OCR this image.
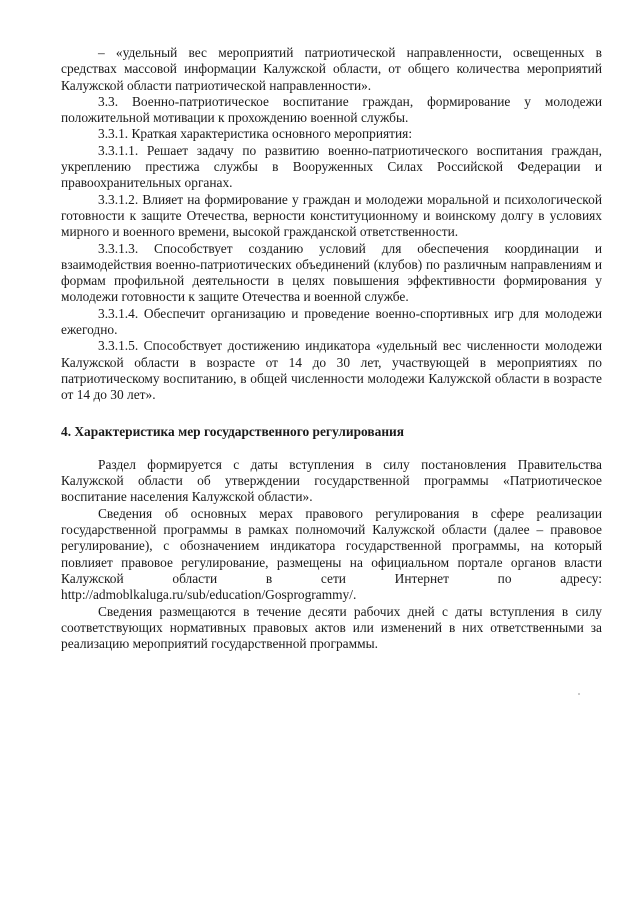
– «удельный вес мероприятий патриотической направленности, освещенных в средствах массовой информации Калужской области, от общего количества мероприятий Калужской области патриотической направленности».

3.3. Военно-патриотическое воспитание граждан, формирование у молодежи положительной мотивации к прохождению военной службы.

3.3.1. Краткая характеристика основного мероприятия:

3.3.1.1. Решает задачу по развитию военно-патриотического воспитания граждан, укреплению престижа службы в Вооруженных Силах Российской Федерации и правоохранительных органах.

3.3.1.2. Влияет на формирование у граждан и молодежи моральной и психологической готовности к защите Отечества, верности конституционному и воинскому долгу в условиях мирного и военного времени, высокой гражданской ответственности.

3.3.1.3. Способствует созданию условий для обеспечения координации и взаимодействия военно-патриотических объединений (клубов) по различным направлениям и формам профильной деятельности в целях повышения эффективности формирования у молодежи готовности к защите Отечества и военной службе.

3.3.1.4. Обеспечит организацию и проведение военно-спортивных игр для молодежи ежегодно.

3.3.1.5. Способствует достижению индикатора «удельный вес численности молодежи Калужской области в возрасте от 14 до 30 лет, участвующей в мероприятиях по патриотическому воспитанию, в общей численности молодежи Калужской области в возрасте от 14 до 30 лет».

4. Характеристика мер государственного регулирования

Раздел формируется с даты вступления в силу постановления Правительства Калужской области об утверждении государственной программы «Патриотическое воспитание населения Калужской области».

Сведения об основных мерах правового регулирования в сфере реализации государственной программы в рамках полномочий Калужской области (далее – правовое регулирование), с обозначением индикатора государственной программы, на который повлияет правовое регулирование, размещены на официальном портале органов власти Калужской области в сети Интернет по адресу: http://admoblkaluga.ru/sub/education/Gosprogrammy/.

Сведения размещаются в течение десяти рабочих дней с даты вступления в силу соответствующих нормативных правовых актов или изменений в них ответственными за реализацию мероприятий государственной программы.
